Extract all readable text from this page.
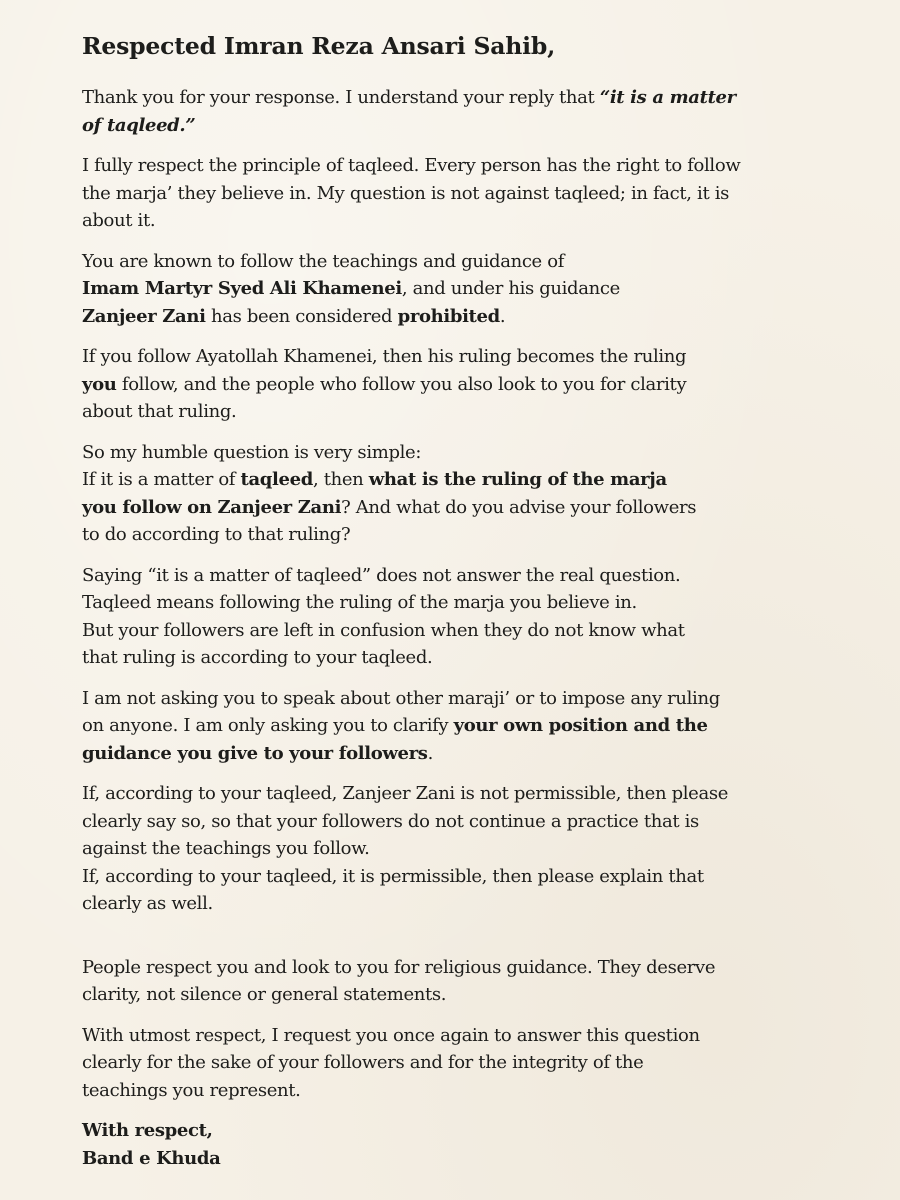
Respected Imran Reza Ansari Sahib,

Thank you for your response. I understand your reply that “it is a matter
of taqleed.”

I fully respect the principle of taqleed. Every person has the right to follow
the marja’ they believe in. My question is not against taqleed; in fact, it is
about it.

You are known to follow the teachings and guidance of
Imam Martyr Syed Ali Khamenei, and under his guidance
Zanjeer Zani has been considered prohibited.

If you follow Ayatollah Khamenei, then his ruling becomes the ruling
you follow, and the people who follow you also look to you for clarity
about that ruling.

So my humble question is very simple:
If it is a matter of taqleed, then what is the ruling of the marja
you follow on Zanjeer Zani? And what do you advise your followers
to do according to that ruling?

Saying “it is a matter of taqleed” does not answer the real question.
Taqleed means following the ruling of the marja you believe in.
But your followers are left in confusion when they do not know what
that ruling is according to your taqleed.

I am not asking you to speak about other maraji’ or to impose any ruling
on anyone. I am only asking you to clarify your own position and the
guidance you give to your followers.

If, according to your taqleed, Zanjeer Zani is not permissible, then please
clearly say so, so that your followers do not continue a practice that is
against the teachings you follow.
If, according to your taqleed, it is permissible, then please explain that
clearly as well.

People respect you and look to you for religious guidance. They deserve
clarity, not silence or general statements.

With utmost respect, I request you once again to answer this question
clearly for the sake of your followers and for the integrity of the
teachings you represent.

With respect,
Band e Khuda
